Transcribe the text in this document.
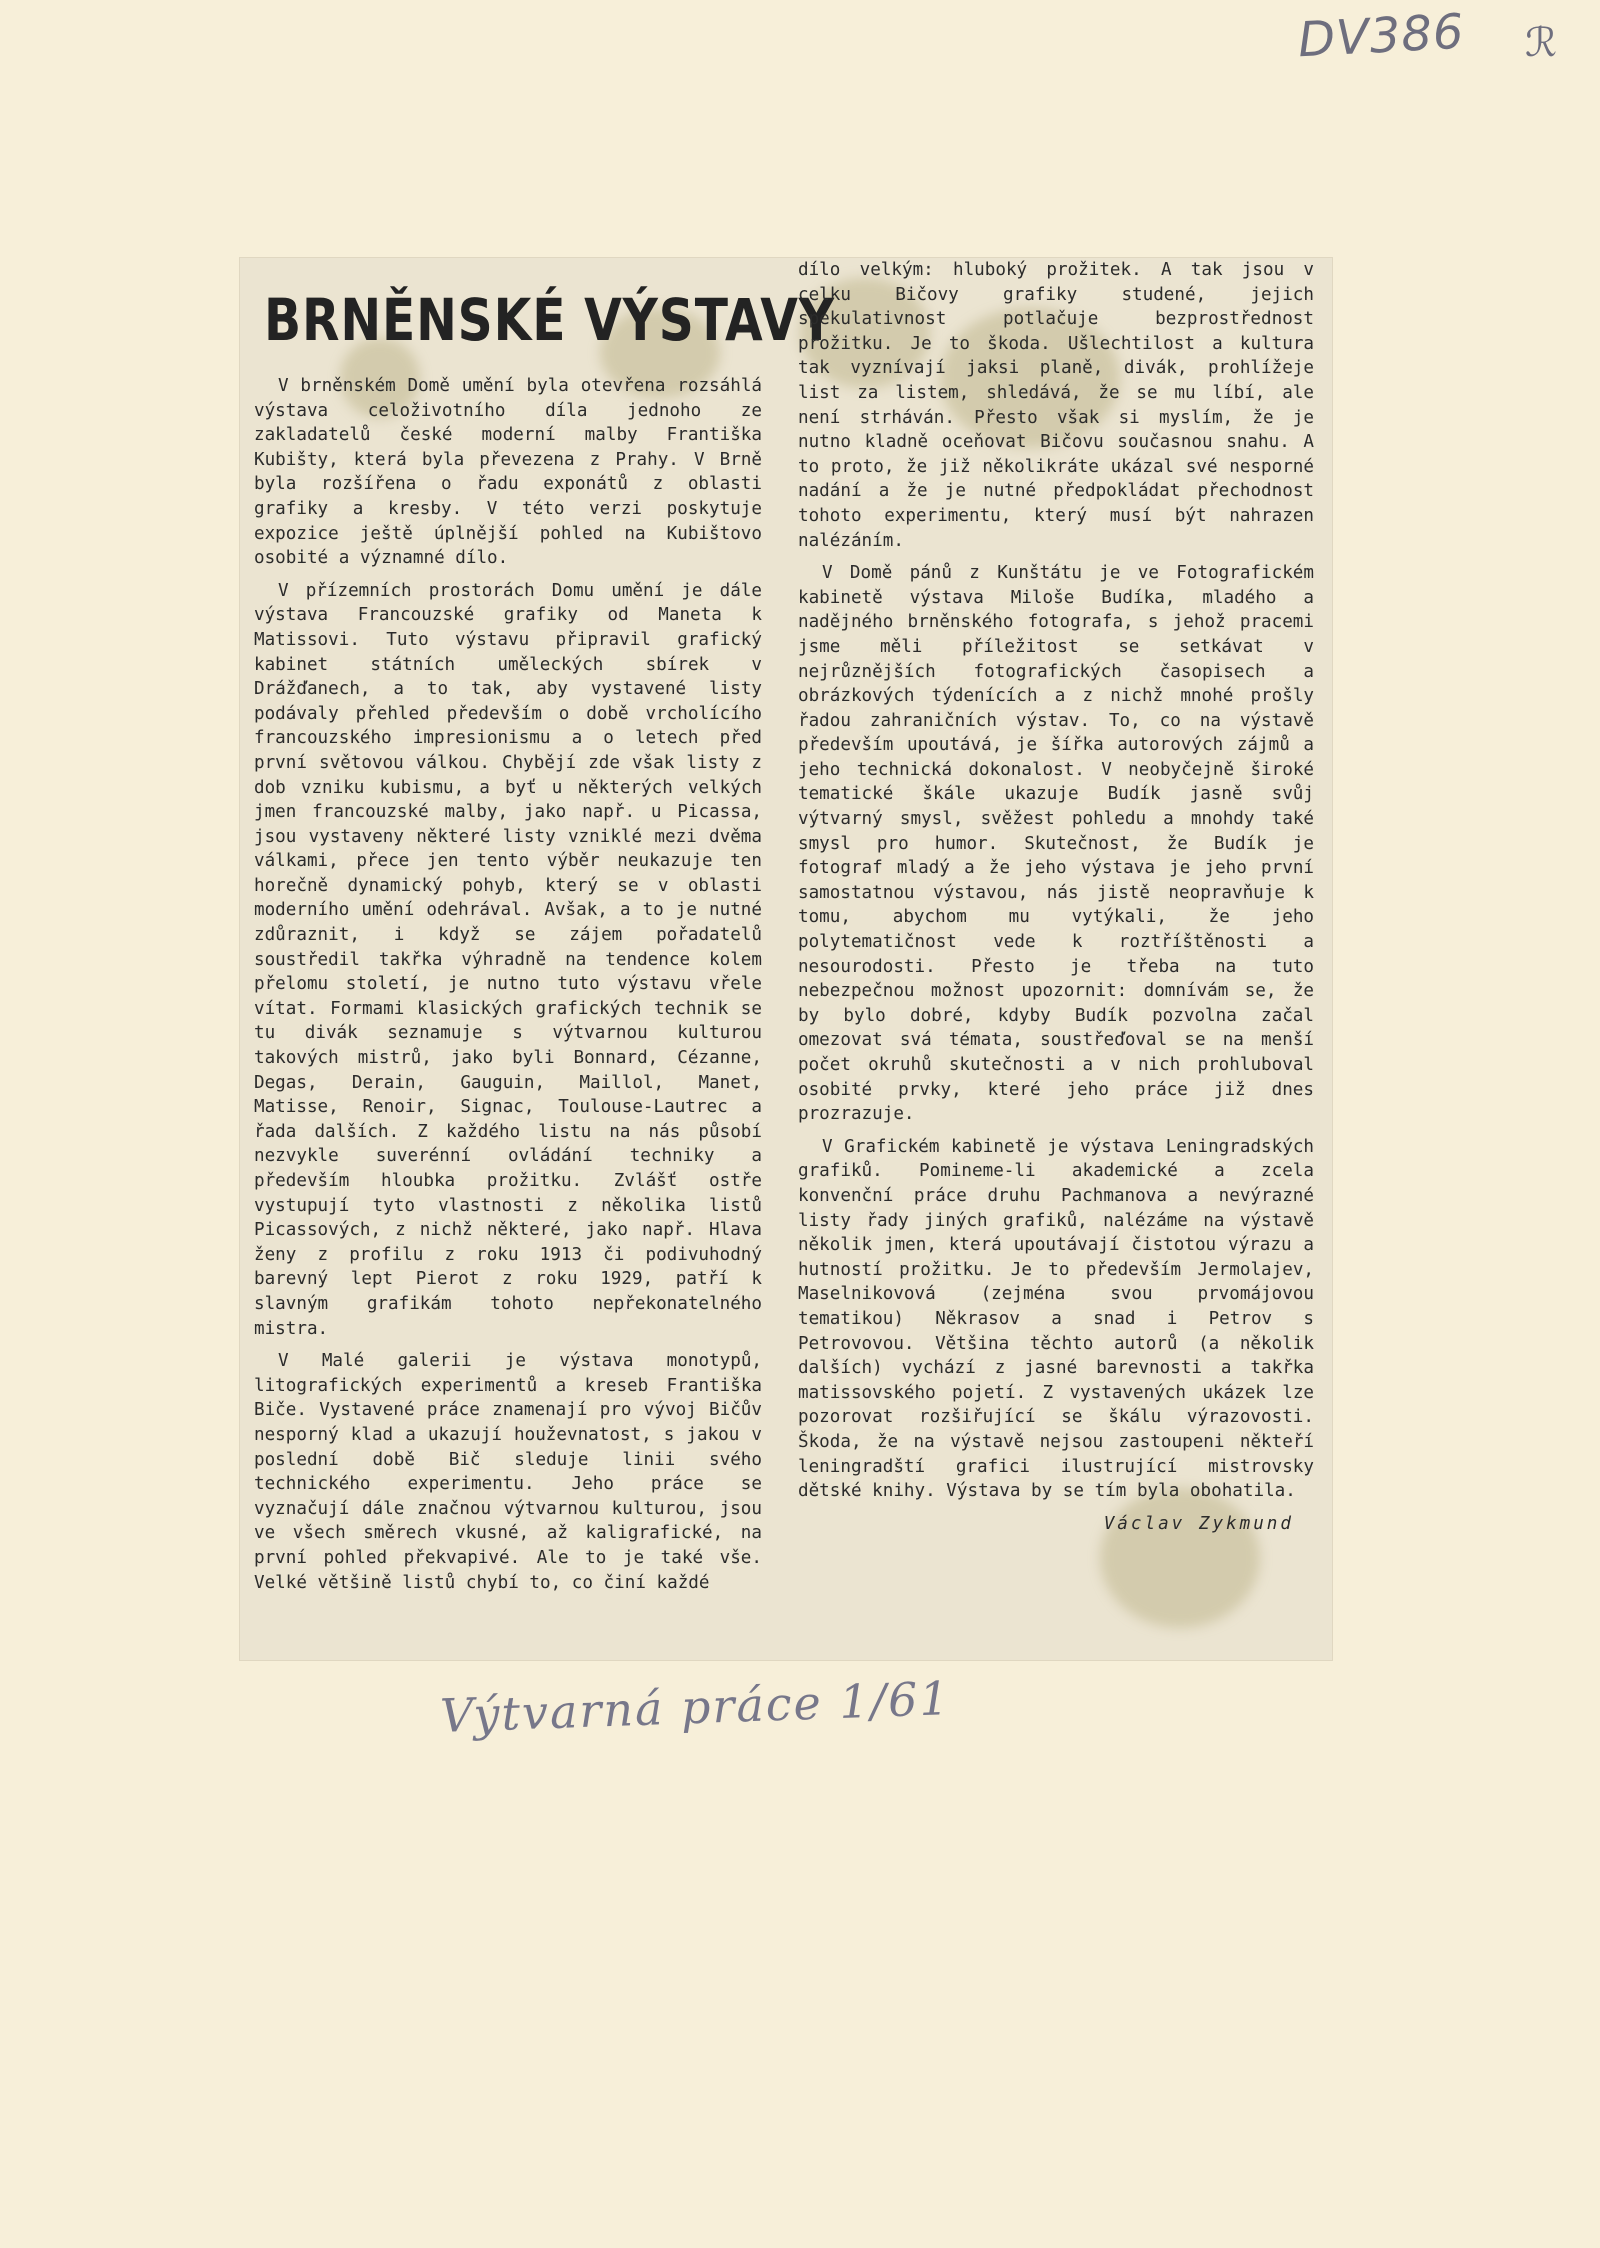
DV386 ℛ
BRNĚNSKÉ VÝSTAVY

V brněnském Domě umění byla otevřena rozsáhlá výstava celoživotního díla jednoho ze zakladatelů české moderní malby Františka Kubišty, která byla převezena z Prahy. V Brně byla rozšířena o řadu exponátů z oblasti grafiky a kresby. V této verzi poskytuje expozice ještě úplnější pohled na Kubištovo osobité a významné dílo.

V přízemních prostorách Domu umění je dále výstava Francouzské grafiky od Maneta k Matissovi. Tuto výstavu připravil grafický kabinet státních uměleckých sbírek v Drážďanech, a to tak, aby vystavené listy podávaly přehled především o době vrcholícího francouzského impresionismu a o letech před první světovou válkou. Chybějí zde však listy z dob vzniku kubismu, a byť u některých velkých jmen francouzské malby, jako např. u Picassa, jsou vystaveny některé listy vzniklé mezi dvěma válkami, přece jen tento výběr neukazuje ten horečně dynamický pohyb, který se v oblasti moderního umění odehrával. Avšak, a to je nutné zdůraznit, i když se zájem pořadatelů soustředil takřka výhradně na tendence kolem přelomu století, je nutno tuto výstavu vřele vítat. Formami klasických grafických technik se tu divák seznamuje s výtvarnou kulturou takových mistrů, jako byli Bonnard, Cézanne, Degas, Derain, Gauguin, Maillol, Manet, Matisse, Renoir, Signac, Toulouse-Lautrec a řada dalších. Z každého listu na nás působí nezvykle suverénní ovládání techniky a především hloubka prožitku. Zvlášť ostře vystupují tyto vlastnosti z několika listů Picassových, z nichž některé, jako např. Hlava ženy z profilu z roku 1913 či podivuhodný barevný lept Pierot z roku 1929, patří k slavným grafikám tohoto nepřekonatelného mistra.

V Malé galerii je výstava monotypů, litografických experimentů a kreseb Františka Biče. Vystavené práce znamenají pro vývoj Bičův nesporný klad a ukazují houževnatost, s jakou v poslední době Bič sleduje linii svého technického experimentu. Jeho práce se vyznačují dále značnou výtvarnou kulturou, jsou ve všech směrech vkusné, až kaligrafické, na první pohled překvapivé. Ale to je také vše. Velké většině listů chybí to, co činí každé

dílo velkým: hluboký prožitek. A tak jsou v celku Bičovy grafiky studené, jejich spekulativnost potlačuje bezprostřednost prožitku. Je to škoda. Ušlechtilost a kultura tak vyznívají jaksi planě, divák, prohlížeje list za listem, shledává, že se mu líbí, ale není strháván. Přesto však si myslím, že je nutno kladně oceňovat Bičovu současnou snahu. A to proto, že již několikráte ukázal své nesporné nadání a že je nutné předpokládat přechodnost tohoto experimentu, který musí být nahrazen nalézáním.

V Domě pánů z Kunštátu je ve Fotografickém kabinetě výstava Miloše Budíka, mladého a nadějného brněnského fotografa, s jehož pracemi jsme měli příležitost se setkávat v nejrůznějších fotografických časopisech a obrázkových týdenících a z nichž mnohé prošly řadou zahraničních výstav. To, co na výstavě především upoutává, je šířka autorových zájmů a jeho technická dokonalost. V neobyčejně široké tematické škále ukazuje Budík jasně svůj výtvarný smysl, svěžest pohledu a mnohdy také smysl pro humor. Skutečnost, že Budík je fotograf mladý a že jeho výstava je jeho první samostatnou výstavou, nás jistě neopravňuje k tomu, abychom mu vytýkali, že jeho polytematičnost vede k roztříštěnosti a nesourodosti. Přesto je třeba na tuto nebezpečnou možnost upozornit: domnívám se, že by bylo dobré, kdyby Budík pozvolna začal omezovat svá témata, soustřeďoval se na menší počet okruhů skutečnosti a v nich prohluboval osobité prvky, které jeho práce již dnes prozrazuje.

V Grafickém kabinetě je výstava Leningradských grafiků. Pomineme-li akademické a zcela konvenční práce druhu Pachmanova a nevýrazné listy řady jiných grafiků, nalézáme na výstavě několik jmen, která upoutávají čistotou výrazu a hutností prožitku. Je to především Jermolajev, Maselnikovová (zejména svou prvomájovou tematikou) Někrasov a snad i Petrov s Petrovovou. Většina těchto autorů (a několik dalších) vychází z jasné barevnosti a takřka matissovského pojetí. Z vystavených ukázek lze pozorovat rozšiřující se škálu výrazovosti. Škoda, že na výstavě nejsou zastoupeni někteří leningradští grafici ilustrující mistrovsky dětské knihy. Výstava by se tím byla obohatila.

Václav Zykmund
Výtvarná práce 1/61
